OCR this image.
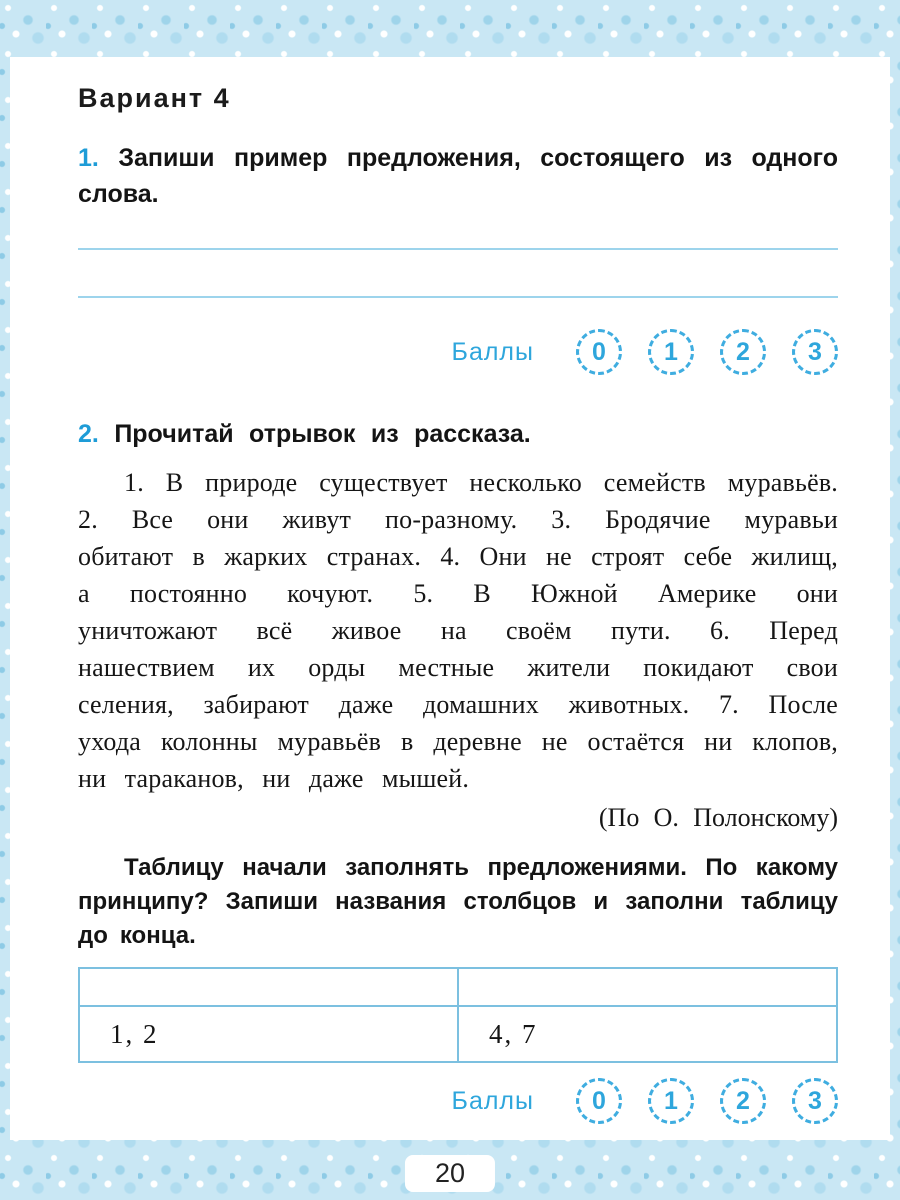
Вариант 4

1. Запиши пример предложения, состоящего из одного слова.

Баллы	0	1	2	3

2. Прочитай отрывок из рассказа.

1. В природе существует несколько семейств муравьёв. 2. Все они живут по-разному. 3. Бродячие муравьи обитают в жарких странах. 4. Они не строят себе жилищ, а постоянно кочуют. 5. В Южной Америке они уничтожают всё живое на своём пути. 6. Перед нашествием их орды местные жители покидают свои селения, забирают даже домашних животных. 7. После ухода колонны муравьёв в деревне не остаётся ни клопов, ни тараканов, ни даже мышей.

(По О. Полонскому)

Таблицу начали заполнять предложениями. По какому принципу? Запиши названия столбцов и заполни таблицу до конца.

1, 2	4, 7
Баллы	0	1	2	3
20
